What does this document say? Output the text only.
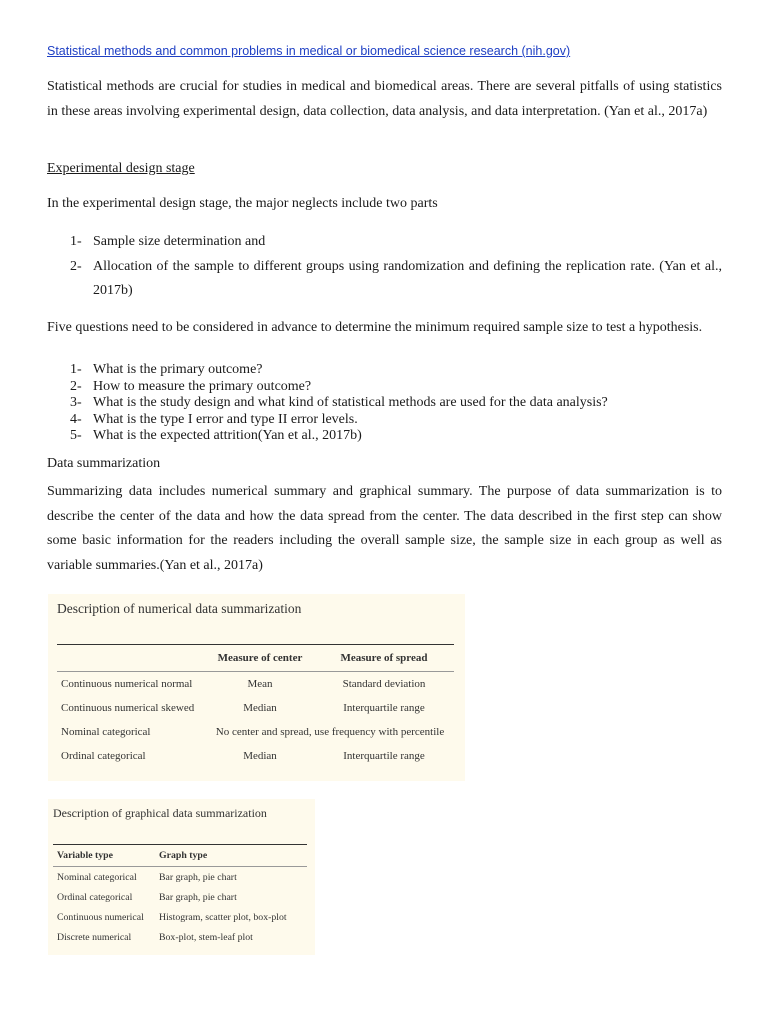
Statistical methods and common problems in medical or biomedical science research (nih.gov)
Statistical methods are crucial for studies in medical and biomedical areas. There are several pitfalls of using statistics in these areas involving experimental design, data collection, data analysis, and data interpretation. (Yan et al., 2017a)
Experimental design stage
In the experimental design stage, the major neglects include two parts
1- Sample size determination and
2- Allocation of the sample to different groups using randomization and defining the replication rate. (Yan et al., 2017b)
Five questions need to be considered in advance to determine the minimum required sample size to test a hypothesis.
1- What is the primary outcome?
2- How to measure the primary outcome?
3- What is the study design and what kind of statistical methods are used for the data analysis?
4- What is the type I error and type II error levels.
5- What is the expected attrition(Yan et al., 2017b)
Data summarization
Summarizing data includes numerical summary and graphical summary. The purpose of data summarization is to describe the center of the data and how the data spread from the center. The data described in the first step can show some basic information for the readers including the overall sample size, the sample size in each group as well as variable summaries.(Yan et al., 2017a)
Description of numerical data summarization
	Measure of center	Measure of spread
Continuous numerical normal	Mean	Standard deviation
Continuous numerical skewed	Median	Interquartile range
Nominal categorical	No center and spread, use frequency with percentile	
Ordinal categorical	Median	Interquartile range
Description of graphical data summarization
Variable type	Graph type
Nominal categorical	Bar graph, pie chart
Ordinal categorical	Bar graph, pie chart
Continuous numerical	Histogram, scatter plot, box-plot
Discrete numerical	Box-plot, stem-leaf plot
